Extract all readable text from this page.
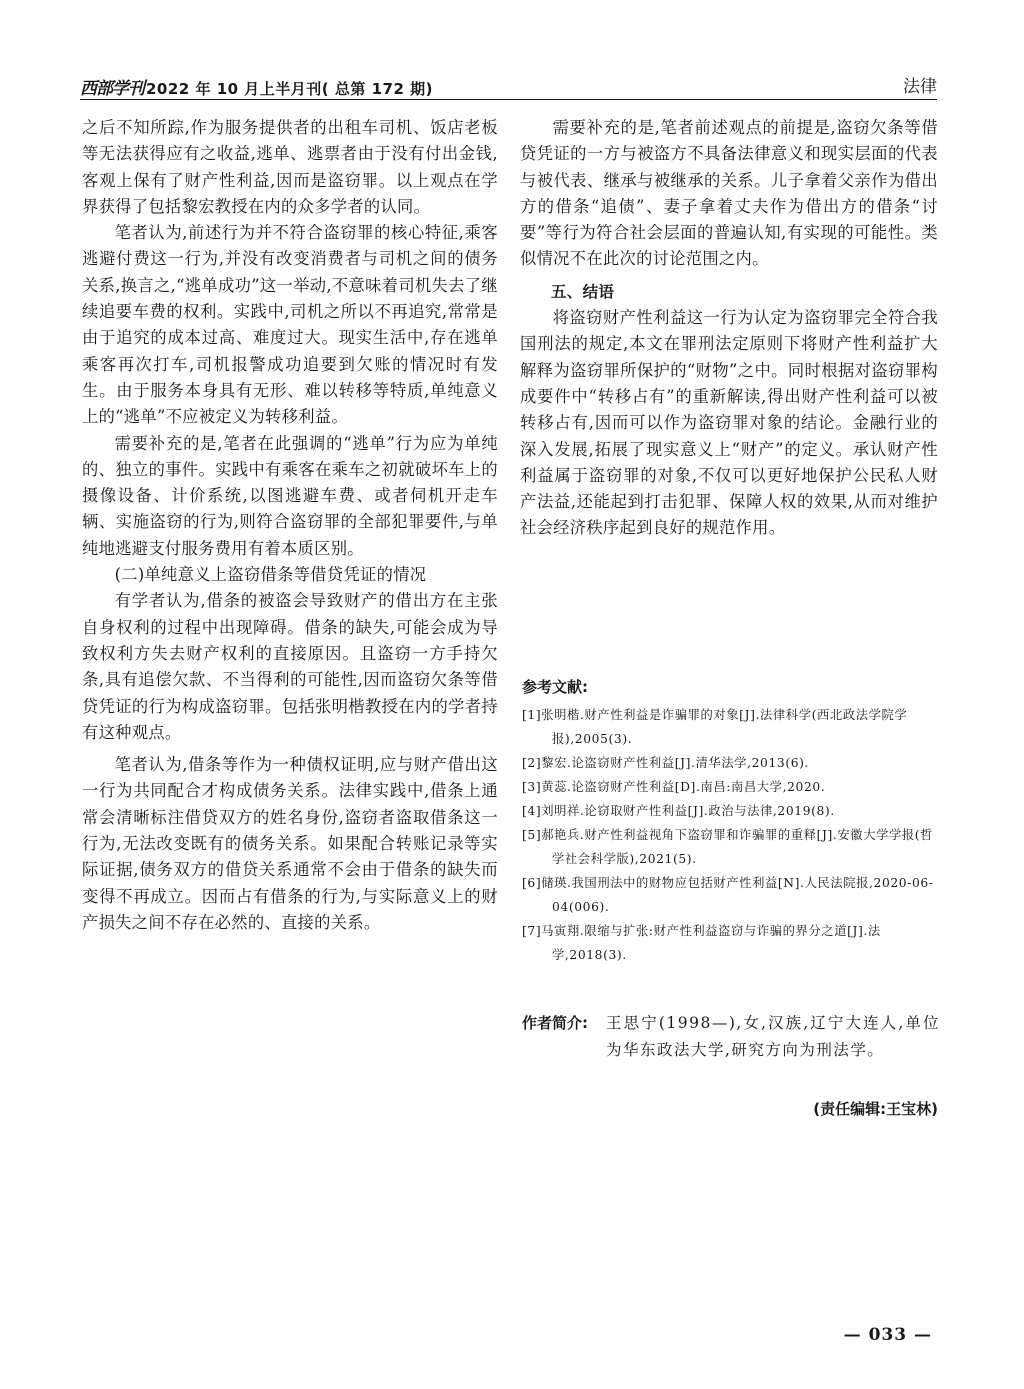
西部学刊 2022 年 10 月上半月刊( 总第 172 期)	法律

之后不知所踪,作为服务提供者的出租车司机、饭店老板等无法获得应有之收益,逃单、逃票者由于没有付出金钱,客观上保有了财产性利益,因而是盗窃罪。以上观点在学界获得了包括黎宏教授在内的众多学者的认同。

笔者认为,前述行为并不符合盗窃罪的核心特征,乘客逃避付费这一行为,并没有改变消费者与司机之间的债务关系,换言之,“逃单成功”这一举动,不意味着司机失去了继续追要车费的权利。实践中,司机之所以不再追究,常常是由于追究的成本过高、难度过大。现实生活中,存在逃单乘客再次打车,司机报警成功追要到欠账的情况时有发生。由于服务本身具有无形、难以转移等特质,单纯意义上的“逃单”不应被定义为转移利益。

需要补充的是,笔者在此强调的“逃单”行为应为单纯的、独立的事件。实践中有乘客在乘车之初就破坏车上的摄像设备、计价系统,以图逃避车费、或者伺机开走车辆、实施盗窃的行为,则符合盗窃罪的全部犯罪要件,与单纯地逃避支付服务费用有着本质区别。

(二)单纯意义上盗窃借条等借贷凭证的情况

有学者认为,借条的被盗会导致财产的借出方在主张自身权利的过程中出现障碍。借条的缺失,可能会成为导致权利方失去财产权利的直接原因。且盗窃一方手持欠条,具有追偿欠款、不当得利的可能性,因而盗窃欠条等借贷凭证的行为构成盗窃罪。包括张明楷教授在内的学者持有这种观点。

笔者认为,借条等作为一种债权证明,应与财产借出这一行为共同配合才构成债务关系。法律实践中,借条上通常会清晰标注借贷双方的姓名身份,盗窃者盗取借条这一行为,无法改变既有的债务关系。如果配合转账记录等实际证据,债务双方的借贷关系通常不会由于借条的缺失而变得不再成立。因而占有借条的行为,与实际意义上的财产损失之间不存在必然的、直接的关系。

需要补充的是,笔者前述观点的前提是,盗窃欠条等借贷凭证的一方与被盗方不具备法律意义和现实层面的代表与被代表、继承与被继承的关系。儿子拿着父亲作为借出方的借条“追债”、妻子拿着丈夫作为借出方的借条“讨要”等行为符合社会层面的普遍认知,有实现的可能性。类似情况不在此次的讨论范围之内。

五、结语

将盗窃财产性利益这一行为认定为盗窃罪完全符合我国刑法的规定,本文在罪刑法定原则下将财产性利益扩大解释为盗窃罪所保护的“财物”之中。同时根据对盗窃罪构成要件中“转移占有”的重新解读,得出财产性利益可以被转移占有,因而可以作为盗窃罪对象的结论。金融行业的深入发展,拓展了现实意义上“财产”的定义。承认财产性利益属于盗窃罪的对象,不仅可以更好地保护公民私人财产法益,还能起到打击犯罪、保障人权的效果,从而对维护社会经济秩序起到良好的规范作用。

参考文献:

[1]张明楷.财产性利益是诈骗罪的对象[J].法律科学(西北政法学院学报),2005(3).
[2]黎宏.论盗窃财产性利益[J].清华法学,2013(6).
[3]黄蕊.论盗窃财产性利益[D].南昌:南昌大学,2020.
[4]刘明祥.论窃取财产性利益[J].政治与法律,2019(8).
[5]郝艳兵.财产性利益视角下盗窃罪和诈骗罪的重释[J].安徽大学学报(哲学社会科学版),2021(5).
[6]储瑛.我国刑法中的财物应包括财产性利益[N].人民法院报,2020-06-04(006).
[7]马寅翔.限缩与扩张:财产性利益盗窃与诈骗的界分之道[J].法学,2018(3).
作者简介: 王思宁(1998—),女,汉族,辽宁大连人,单位为华东政法大学,研究方向为刑法学。
(责任编辑:王宝林)
— 033 —
